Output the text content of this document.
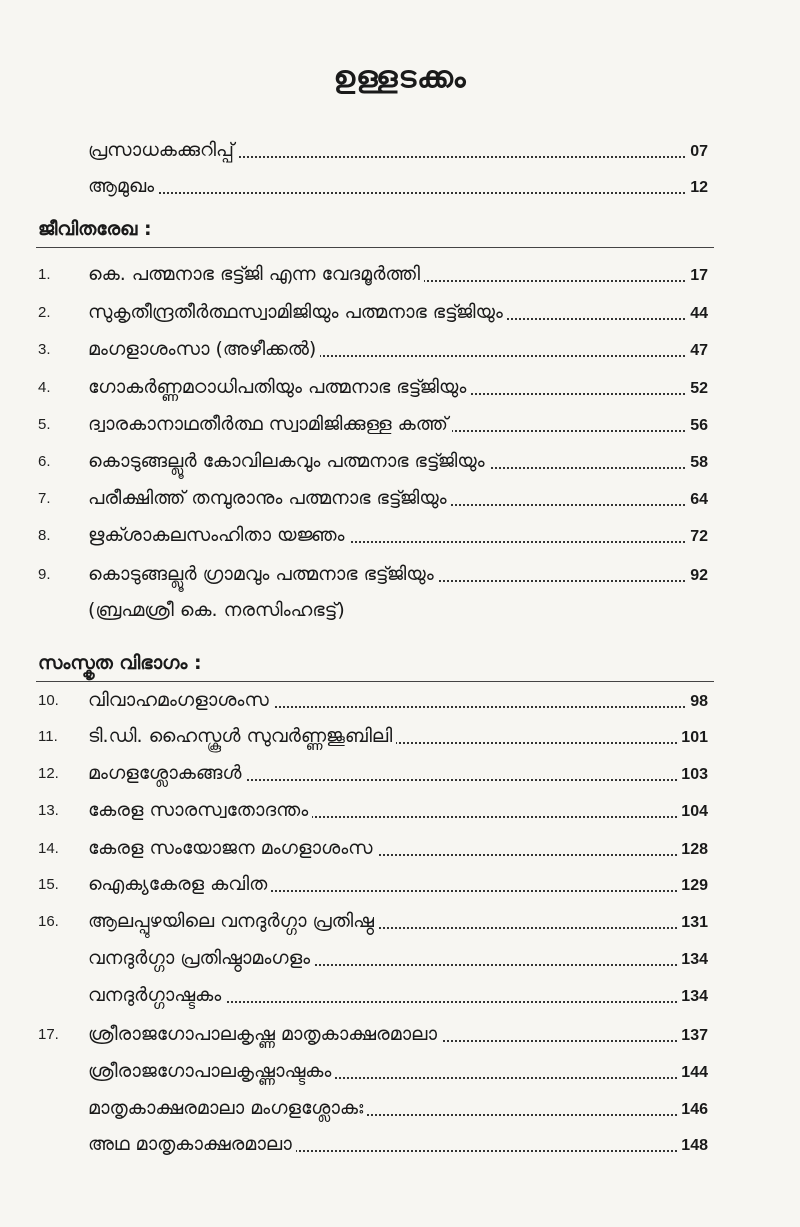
ഉള്ളടക്കം
പ്രസാധകക്കുറിപ്പ്	07
ആമുഖം	12
ജീവിതരേഖ :
1. കെ. പത്മനാഭ ഭട്ട്ജി എന്ന വേദമൂർത്തി	17
2. സുകൃതീന്ദ്രതീർത്ഥസ്വാമിജിയും പത്മനാഭ ഭട്ട്ജിയും	44
3. മംഗളാശംസാ (അഴീക്കൽ)	47
4. ഗോകർണ്ണമഠാധിപതിയും പത്മനാഭ ഭട്ട്ജിയും	52
5. ദ്വാരകാനാഥതീർത്ഥ സ്വാമിജിക്കുള്ള കത്ത്	56
6. കൊടുങ്ങല്ലൂർ കോവിലകവും പത്മനാഭ ഭട്ട്ജിയും	58
7. പരീക്ഷിത്ത് തമ്പുരാനും പത്മനാഭ ഭട്ട്ജിയും	64
8. ഋക്ശാകലസംഹിതാ യജ്ഞം	72
9. കൊടുങ്ങല്ലൂർ ഗ്രാമവും പത്മനാഭ ഭട്ട്ജിയും	92
(ബ്രഹ്മശ്രീ കെ. നരസിംഹഭട്ട്)
സംസ്കൃത വിഭാഗം :
10. വിവാഹമംഗളാശംസ	98
11. ടി.ഡി. ഹൈസ്കൂൾ സുവർണ്ണജൂബിലി	101
12. മംഗളശ്ലോകങ്ങൾ	103
13. കേരള സാരസ്വതോദന്തം	104
14. കേരള സംയോജന മംഗളാശംസ	128
15. ഐക്യകേരള കവിത	129
16. ആലപ്പുഴയിലെ വനദുർഗ്ഗാ പ്രതിഷ്ഠ	131
വനദുർഗ്ഗാ പ്രതിഷ്ഠാമംഗളം	134
വനദുർഗ്ഗാഷ്ടകം	134
17. ശ്രീരാജഗോപാലകൃഷ്ണ മാതൃകാക്ഷരമാലാ	137
ശ്രീരാജഗോപാലകൃഷ്ണാഷ്ടകം	144
മാതൃകാക്ഷരമാലാ മംഗളശ്ലോകഃ	146
അഥ മാതൃകാക്ഷരമാലാ	148
